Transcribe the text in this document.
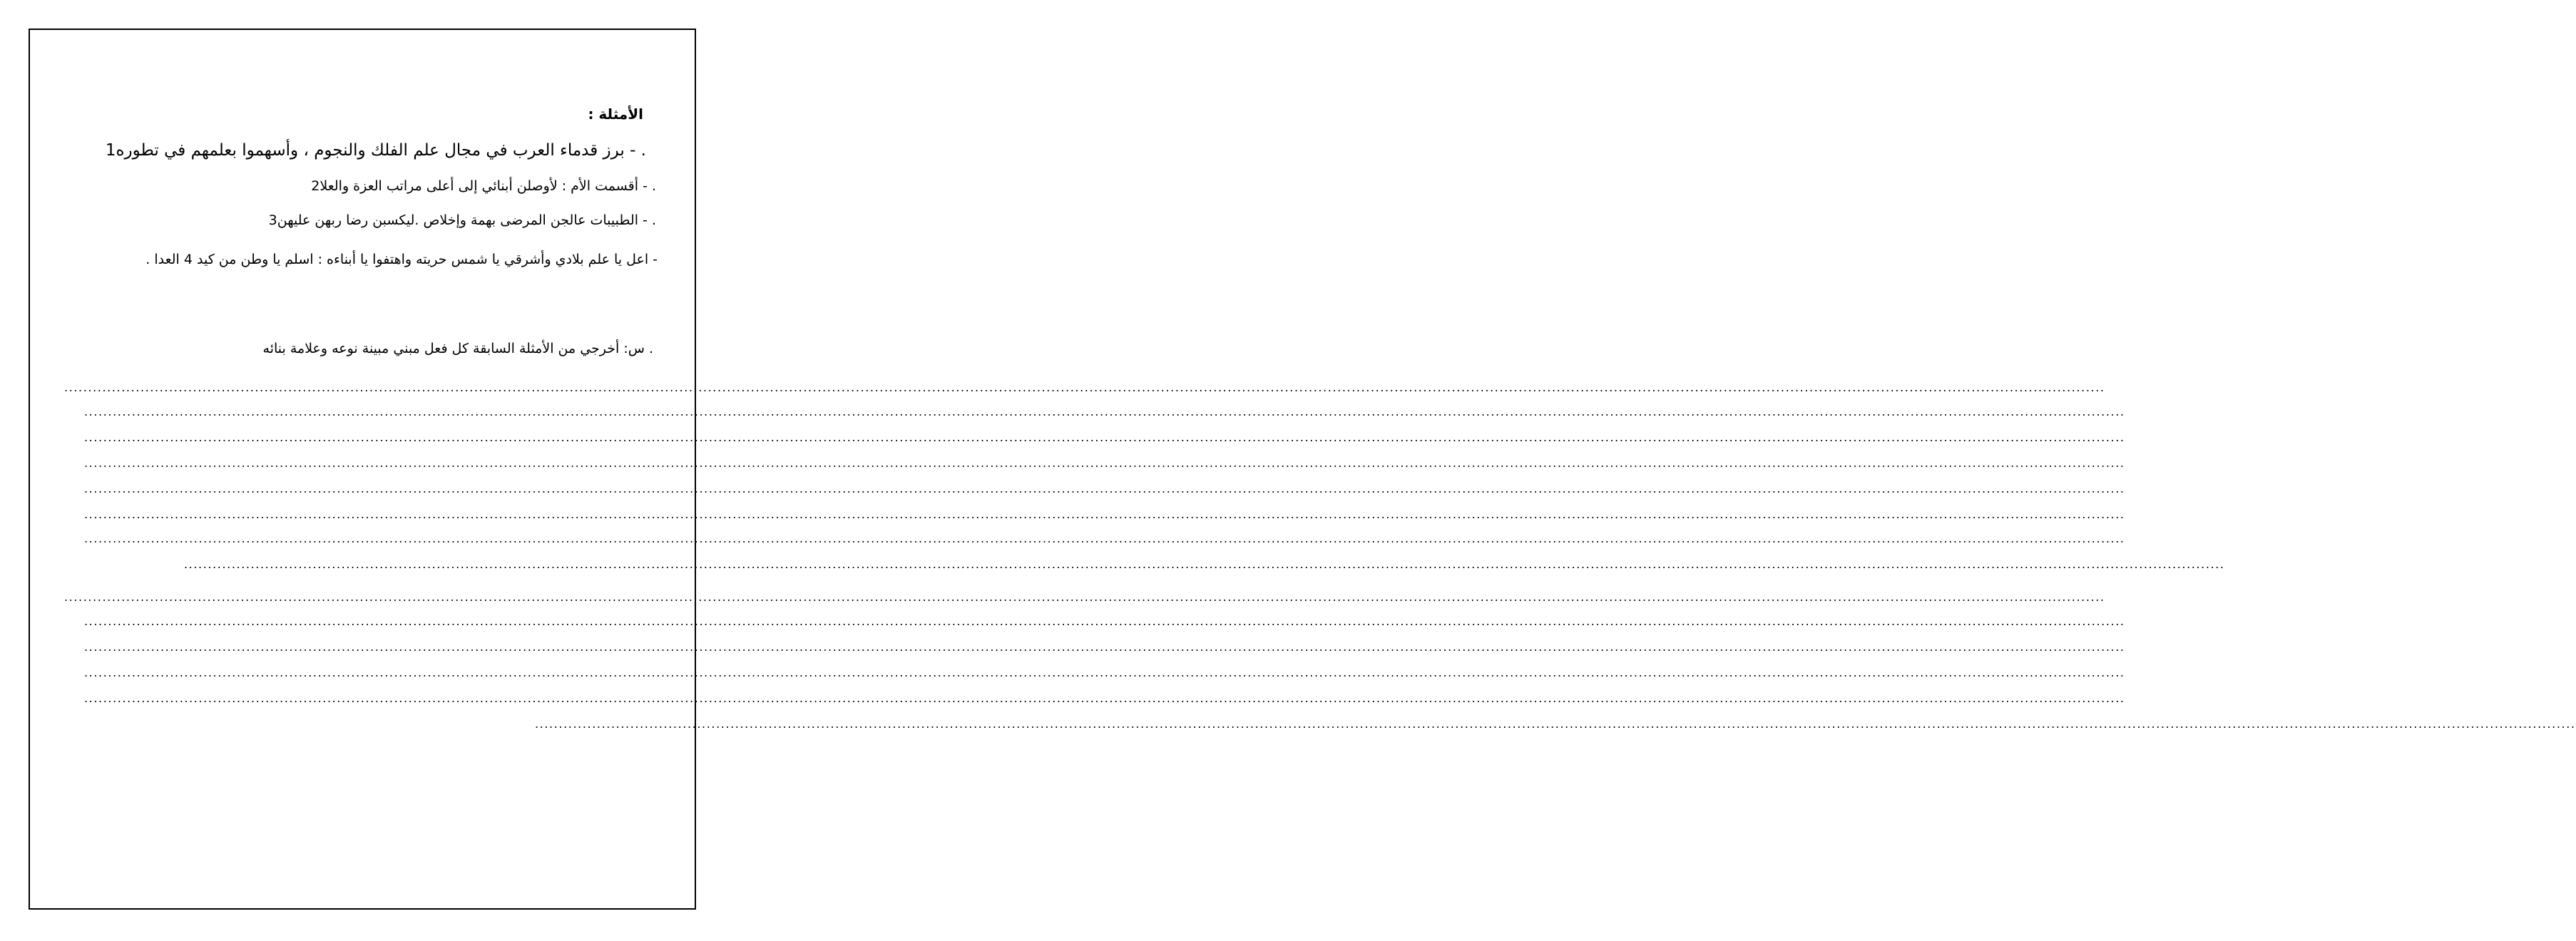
الأمثلة :
. - برز قدماء العرب في مجال علم الفلك والنجوم ، وأسهموا بعلمهم في تطوره1
. - أقسمت الأم : لأوصلن أبنائي إلى أعلى مراتب العزة والعلا2
. - الطبيبات عالجن المرضى بهمة وإخلاص .ليكسبن رضا ربهن عليهن3
- اعل يا علم بلادي وأشرقي يا شمس حريته واهتفوا يا أبناءه : اسلم يا وطن من كيد 4 العدا .
. س: أخرجي من الأمثلة السابقة كل فعل مبني مبينة نوعه وعلامة بنائه
............................................................................................................................................................................................................................................................................................................................................................................................................................................
............................................................................................................................................................................................................................................................................................................................................................................................................................................
............................................................................................................................................................................................................................................................................................................................................................................................................................................
............................................................................................................................................................................................................................................................................................................................................................................................................................................
............................................................................................................................................................................................................................................................................................................................................................................................................................................
............................................................................................................................................................................................................................................................................................................................................................................................................................................
............................................................................................................................................................................................................................................................................................................................................................................................................................................
............................................................................................................................................................................................................................................................................................................................................................................................................................................
............................................................................................................................................................................................................................................................................................................................................................................................................................................
............................................................................................................................................................................................................................................................................................................................................................................................................................................
............................................................................................................................................................................................................................................................................................................................................................................................................................................
............................................................................................................................................................................................................................................................................................................................................................................................................................................
............................................................................................................................................................................................................................................................................................................................................................................................................................................
............................................................................................................................................................................................................................................................................................................................................................................................................................................
